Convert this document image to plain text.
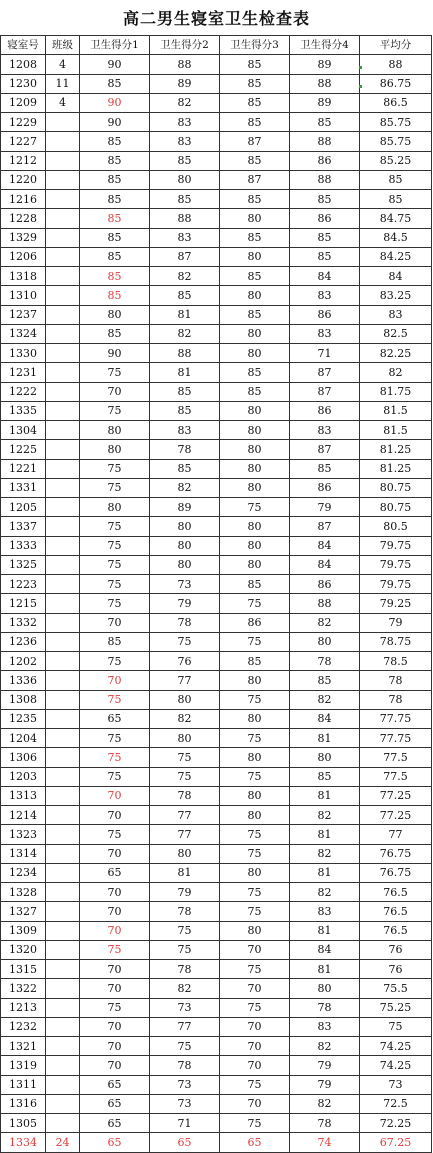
高二男生寝室卫生检查表
寝室号	班级	卫生得分1	卫生得分2	卫生得分3	卫生得分4	平均分
1208	4	90	88	85	89	88
1230	11	85	89	85	88	86.75
1209	4	90	82	85	89	86.5
1229		90	83	85	85	85.75
1227		85	83	87	88	85.75
1212		85	85	85	86	85.25
1220		85	80	87	88	85
1216		85	85	85	85	85
1228		85	88	80	86	84.75
1329		85	83	85	85	84.5
1206		85	87	80	85	84.25
1318		85	82	85	84	84
1310		85	85	80	83	83.25
1237		80	81	85	86	83
1324		85	82	80	83	82.5
1330		90	88	80	71	82.25
1231		75	81	85	87	82
1222		70	85	85	87	81.75
1335		75	85	80	86	81.5
1304		80	83	80	83	81.5
1225		80	78	80	87	81.25
1221		75	85	80	85	81.25
1331		75	82	80	86	80.75
1205		80	89	75	79	80.75
1337		75	80	80	87	80.5
1333		75	80	80	84	79.75
1325		75	80	80	84	79.75
1223		75	73	85	86	79.75
1215		75	79	75	88	79.25
1332		70	78	86	82	79
1236		85	75	75	80	78.75
1202		75	76	85	78	78.5
1336		70	77	80	85	78
1308		75	80	75	82	78
1235		65	82	80	84	77.75
1204		75	80	75	81	77.75
1306		75	75	80	80	77.5
1203		75	75	75	85	77.5
1313		70	78	80	81	77.25
1214		70	77	80	82	77.25
1323		75	77	75	81	77
1314		70	80	75	82	76.75
1234		65	81	80	81	76.75
1328		70	79	75	82	76.5
1327		70	78	75	83	76.5
1309		70	75	80	81	76.5
1320		75	75	70	84	76
1315		70	78	75	81	76
1322		70	82	70	80	75.5
1213		75	73	75	78	75.25
1232		70	77	70	83	75
1321		70	75	70	82	74.25
1319		70	78	70	79	74.25
1311		65	73	75	79	73
1316		65	73	70	82	72.5
1305		65	71	75	78	72.25
1334	24	65	65	65	74	67.25
